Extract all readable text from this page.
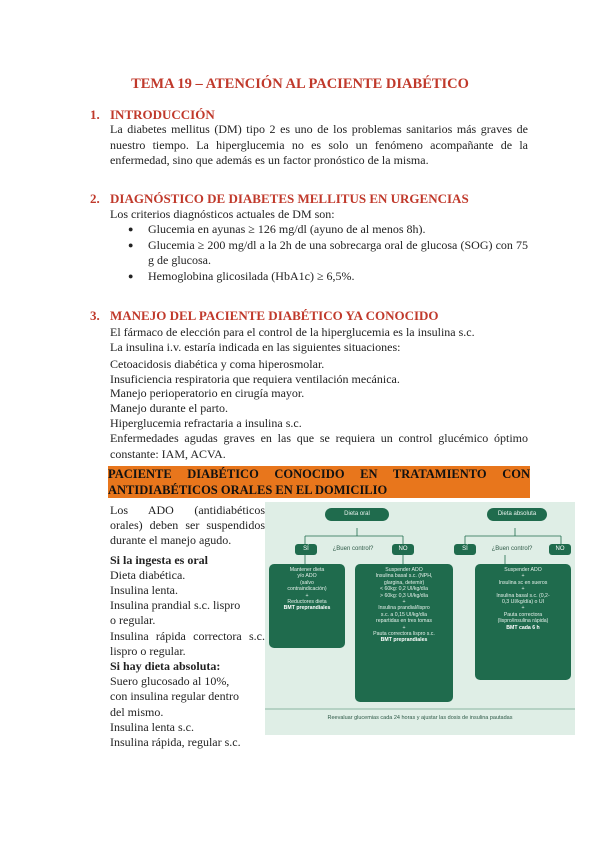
TEMA 19 – ATENCIÓN AL PACIENTE DIABÉTICO
1. INTRODUCCIÓN
La diabetes mellitus (DM) tipo 2 es uno de los problemas sanitarios más graves de nuestro tiempo. La hiperglucemia no es solo un fenómeno acompañante de la enfermedad, sino que además es un factor pronóstico de la misma.
2. DIAGNÓSTICO DE DIABETES MELLITUS EN URGENCIAS
Los criterios diagnósticos actuales de DM son:
● Glucemia en ayunas ≥ 126 mg/dl (ayuno de al menos 8h).
● Glucemia ≥ 200 mg/dl a la 2h de una sobrecarga oral de glucosa (SOG) con 75 g de glucosa.
● Hemoglobina glicosilada (HbA1c) ≥ 6,5%.
3. MANEJO DEL PACIENTE DIABÉTICO YA CONOCIDO
El fármaco de elección para el control de la hiperglucemia es la insulina s.c.
La insulina i.v. estaría indicada en las siguientes situaciones:
Cetoacidosis diabética y coma hiperosmolar.
Insuficiencia respiratoria que requiera ventilación mecánica.
Manejo perioperatorio en cirugía mayor.
Manejo durante el parto.
Hiperglucemia refractaria a insulina s.c.
Enfermedades agudas graves en las que se requiera un control glucémico óptimo constante: IAM, ACVA.
PACIENTE DIABÉTICO CONOCIDO EN TRATAMIENTO CON
ANTIDIABÉTICOS ORALES EN EL DOMICILIO
Los ADO (antidiabéticos orales) deben ser suspendidos durante el manejo agudo.
Si la ingesta es oral
Dieta diabética.
Insulina lenta.
Insulina prandial s.c. lispro
o regular.
Insulina rápida correctora s.c.
lispro o regular.
Si hay dieta absoluta:
Suero glucosado al 10%,
con insulina regular dentro
del mismo.
Insulina lenta s.c.
Insulina rápida, regular s.c.
Dieta oral	Dieta absoluta
SÍ	¿Buen control?	NO	SÍ	¿Buen control?	NO
Mantener dieta
y/o ADO
(salvo
contraindicación)
+
Reductores dieta
BMT preprandiales
Suspender ADO
Insulina basal s.c. (NPH,
glargina, detemir)
< 60kg: 0,2 UI/kg/día
> 60kg: 0,3 UI/kg/día
+
Insulina prandial/lispro
s.c. a 0,15 UI/kg/día
repartidas en tres tomas
+
Pauta correctora lispro s.c.
BMT preprandiales
Suspender ADO
+
Insulina sc en sueros
+
Insulina basal s.c. (0,2-
0,3 UI/kg/día) o UI
+
Pauta correctora
(lispro/insulina rápida)
BMT cada 6 h
Reevaluar glucemias cada 24 horas y ajustar las dosis de insulina pautadas
